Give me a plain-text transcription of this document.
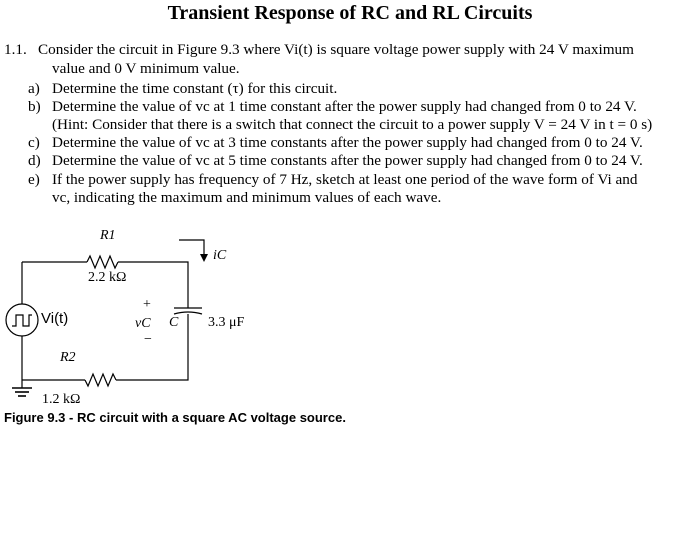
Transient Response of RC and RL Circuits
1.1. Consider the circuit in Figure 9.3 where Vi(t) is square voltage power supply with 24 V maximum
value and 0 V minimum value.
a) Determine the time constant (τ) for this circuit.
b) Determine the value of vc at 1 time constant after the power supply had changed from 0 to 24 V.
(Hint: Consider that there is a switch that connect the circuit to a power supply V = 24 V in t = 0 s)
c) Determine the value of vc at 3 time constants after the power supply had changed from 0 to 24 V.
d) Determine the value of vc at 5 time constants after the power supply had changed from 0 to 24 V.
e) If the power supply has frequency of 7 Hz, sketch at least one period of the wave form of Vi and
vc, indicating the maximum and minimum values of each wave.
R1
2.2 kΩ
iC
+
vC
−
C 3.3 μF
Vi(t)
R2
1.2 kΩ
Figure 9.3 - RC circuit with a square AC voltage source.
